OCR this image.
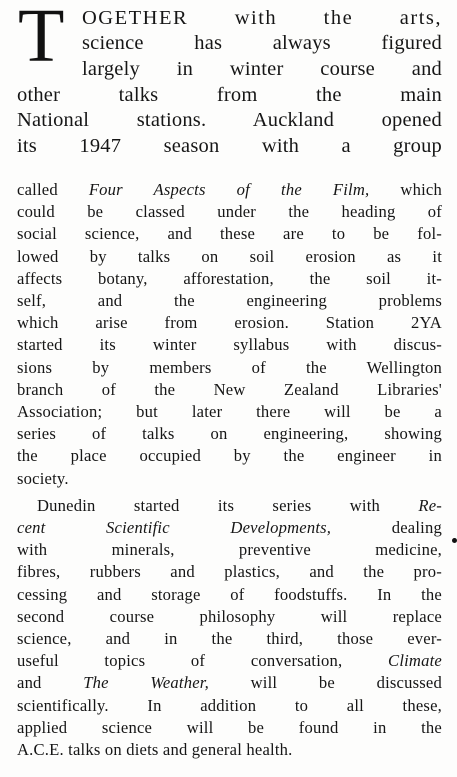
T OGETHER with the arts,
science has always figured
largely in winter course and
other talks from the main
National stations. Auckland opened
its 1947 season with a group
called Four Aspects of the Film, which
could be classed under the heading of
social science, and these are to be fol-
lowed by talks on soil erosion as it
affects botany, afforestation, the soil it-
self, and the engineering problems
which arise from erosion. Station 2YA
started its winter syllabus with discus-
sions by members of the Wellington
branch of the New Zealand Libraries'
Association; but later there will be a
series of talks on engineering, showing
the place occupied by the engineer in
society.
Dunedin started its series with Re-
cent Scientific Developments, dealing
with minerals, preventive medicine,
fibres, rubbers and plastics, and the pro-
cessing and storage of foodstuffs. In the
second course philosophy will replace
science, and in the third, those ever-
useful topics of conversation, Climate
and The Weather, will be discussed
scientifically. In addition to all these,
applied science will be found in the
A.C.E. talks on diets and general health.
